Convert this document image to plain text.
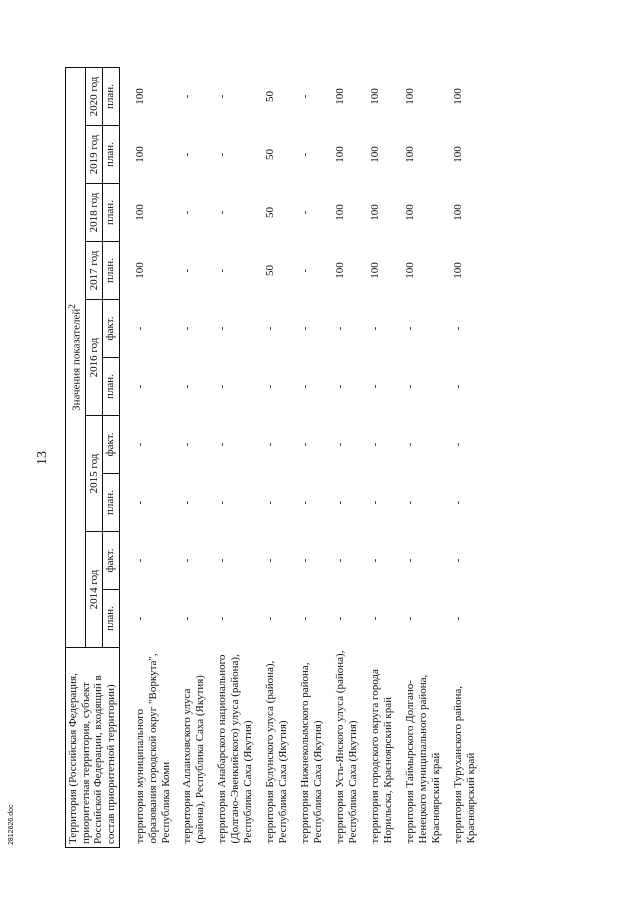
13
Территория (Российская Федерация, приоритетная территория, субъект Российской Федерации, входящий в состав приоритетной территории)	Значения показателей$^2$
	2014 год		2015 год		2016 год		2017 год	2018 год	2019 год	2020 год
	план.	факт.	план.	факт.	план.	факт.	план.	план.	план.	план.
территория муниципального образования городской округ "Воркута", Республика Коми	-	-	-	-	-	-	100	100	100	100
территория Аллаиховского улуса (района), Республика Саха (Якутия)	-	-	-	-	-	-	-	-	-	-
территория Анабарского национального (Долгано-Эвенкийского) улуса (района), Республика Саха (Якутия)	-	-	-	-	-	-	-	-	-	-
территория Булунского улуса (района), Республика Саха (Якутия)	-	-	-	-	-	-	50	50	50	50
территория Нижнеколымского района, Республика Саха (Якутия)	-	-	-	-	-	-	-	-	-	-
территория Усть-Янского улуса (района), Республика Саха (Якутия)	-	-	-	-	-	-	100	100	100	100
территория городского округа города Норильска, Красноярский край	-	-	-	-	-	-	100	100	100	100
территория Таймырского Долгано-Ненецкого муниципального района, Красноярский край	-	-	-	-	-	-	100	100	100	100
территория Туруханского района, Красноярский край	-	-	-	-	-	-	100	100	100	100
2812626.doc
